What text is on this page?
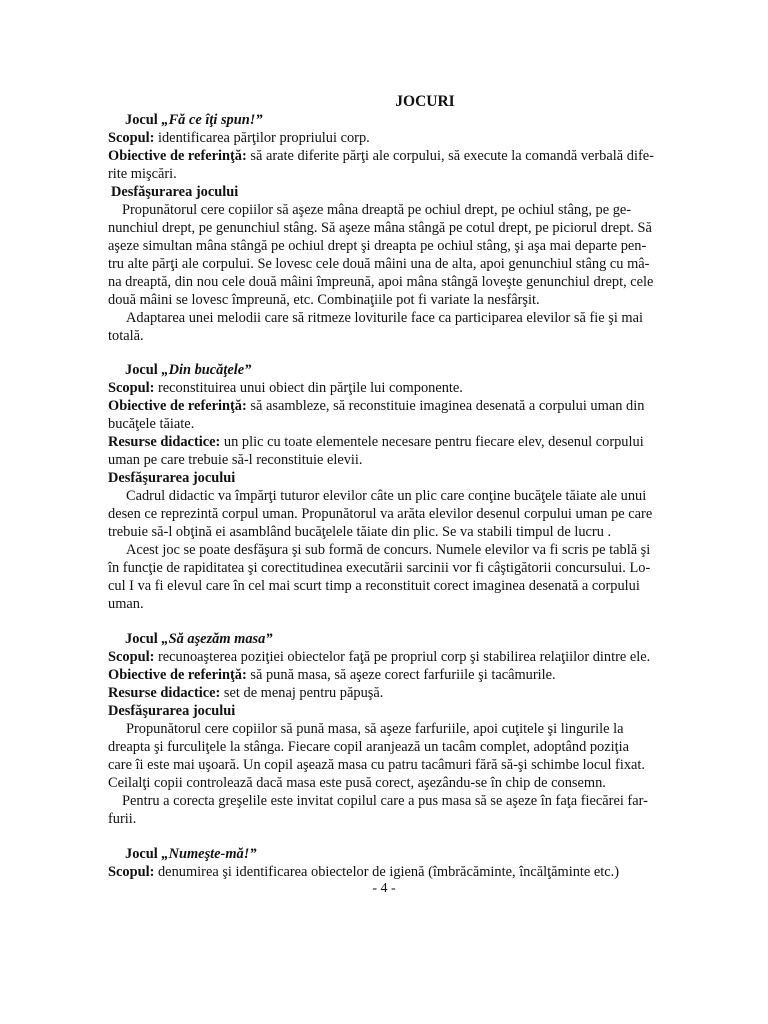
JOCURI
Jocul „Fă ce îţi spun!”
Scopul: identificarea părţilor propriului corp.
Obiective de referinţă: să arate diferite părţi ale corpului, să execute la comandă verbală dife-
rite mişcări.
Desfăşurarea jocului
Propunătorul cere copiilor să aşeze mâna dreaptă pe ochiul drept, pe ochiul stâng, pe ge-
nunchiul drept, pe genunchiul stâng. Să aşeze mâna stângă pe cotul drept, pe piciorul drept. Să
aşeze simultan mâna stângă pe ochiul drept şi dreapta pe ochiul stâng, şi aşa mai departe pen-
tru alte părţi ale corpului. Se lovesc cele două mâini una de alta, apoi genunchiul stâng cu mâ-
na dreaptă, din nou cele două mâini împreună, apoi mâna stângă loveşte genunchiul drept, cele
două mâini se lovesc împreună, etc. Combinaţiile pot fi variate la nesfârşit.
Adaptarea unei melodii care să ritmeze loviturile face ca participarea elevilor să fie şi mai
totală.
Jocul „Din bucăţele”
Scopul: reconstituirea unui obiect din părţile lui componente.
Obiective de referinţă: să asambleze, să reconstituie imaginea desenată a corpului uman din
bucăţele tăiate.
Resurse didactice: un plic cu toate elementele necesare pentru fiecare elev, desenul corpului
uman pe care trebuie să-l reconstituie elevii.
Desfăşurarea jocului
Cadrul didactic va împărţi tuturor elevilor câte un plic care conţine bucăţele tăiate ale unui
desen ce reprezintă corpul uman. Propunătorul va arăta elevilor desenul corpului uman pe care
trebuie să-l obţină ei asamblând bucăţelele tăiate din plic. Se va stabili timpul de lucru .
Acest joc se poate desfăşura şi sub formă de concurs. Numele elevilor va fi scris pe tablă şi
în funcţie de rapiditatea şi corectitudinea executării sarcinii vor fi câştigătorii concursului. Lo-
cul I va fi elevul care în cel mai scurt timp a reconstituit corect imaginea desenată a corpului
uman.
Jocul „Să aşezăm masa”
Scopul: recunoaşterea poziţiei obiectelor faţă pe propriul corp şi stabilirea relaţiilor dintre ele.
Obiective de referinţă: să pună masa, să aşeze corect farfuriile şi tacâmurile.
Resurse didactice: set de menaj pentru păpuşă.
Desfăşurarea jocului
Propunătorul cere copiilor să pună masa, să aşeze farfuriile, apoi cuţitele şi lingurile la
dreapta şi furculiţele la stânga. Fiecare copil aranjează un tacâm complet, adoptând poziţia
care îi este mai uşoară. Un copil aşează masa cu patru tacâmuri fără să-şi schimbe locul fixat.
Ceilalţi copii controlează dacă masa este pusă corect, aşezându-se în chip de consemn.
Pentru a corecta greşelile este invitat copilul care a pus masa să se aşeze în faţa fiecărei far-
furii.
Jocul „Numeşte-mă!”
Scopul: denumirea şi identificarea obiectelor de igienă (îmbrăcăminte, încălţăminte etc.)
- 4 -
